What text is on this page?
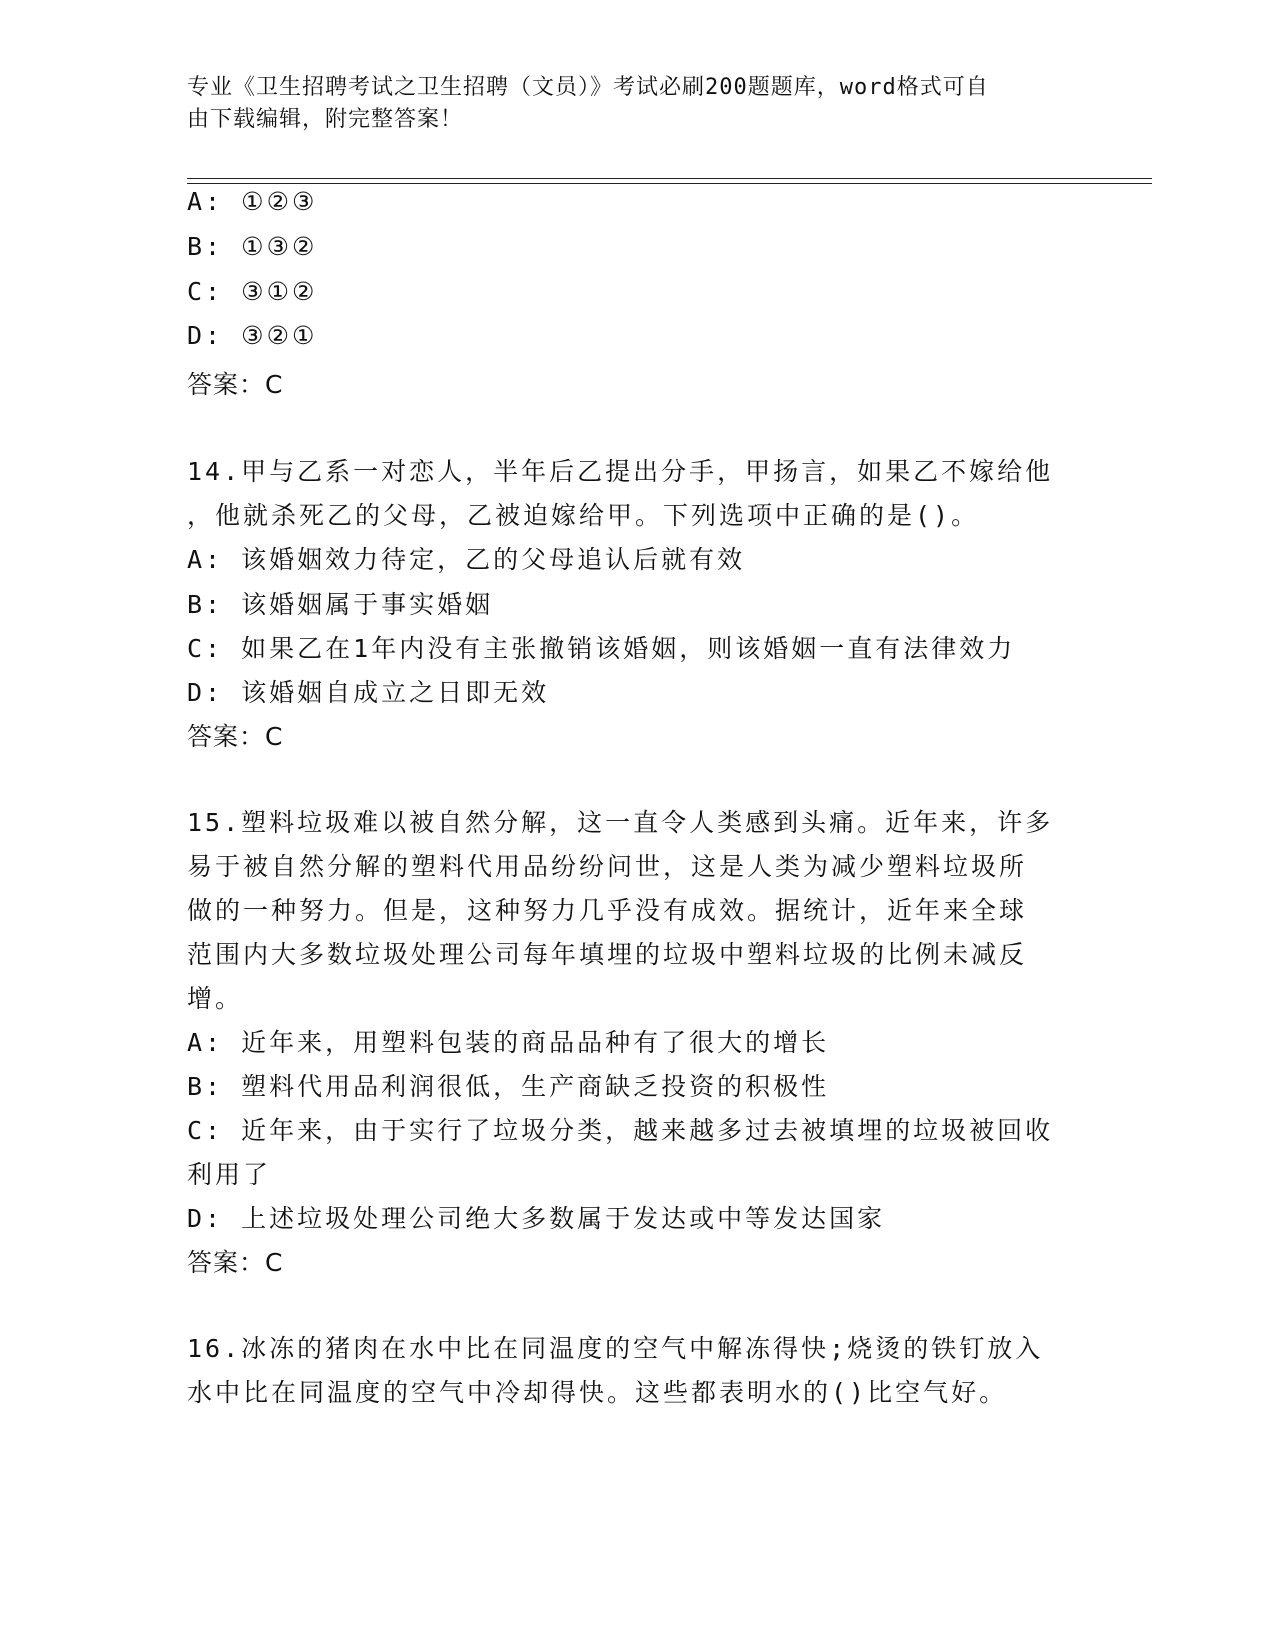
专业《卫生招聘考试之卫生招聘（文员）》考试必刷200题题库，word格式可自
由下载编辑，附完整答案！
A: ①②③
B: ①③②
C: ③①②
D: ③②①
答案：C
14.甲与乙系一对恋人，半年后乙提出分手，甲扬言，如果乙不嫁给他
，他就杀死乙的父母，乙被迫嫁给甲。下列选项中正确的是()。
A: 该婚姻效力待定，乙的父母追认后就有效
B: 该婚姻属于事实婚姻
C: 如果乙在1年内没有主张撤销该婚姻，则该婚姻一直有法律效力
D: 该婚姻自成立之日即无效
答案：C
15.塑料垃圾难以被自然分解，这一直令人类感到头痛。近年来，许多
易于被自然分解的塑料代用品纷纷问世，这是人类为减少塑料垃圾所
做的一种努力。但是，这种努力几乎没有成效。据统计，近年来全球
范围内大多数垃圾处理公司每年填埋的垃圾中塑料垃圾的比例未减反
增。
A: 近年来，用塑料包装的商品品种有了很大的增长
B: 塑料代用品利润很低，生产商缺乏投资的积极性
C: 近年来，由于实行了垃圾分类，越来越多过去被填埋的垃圾被回收
利用了
D: 上述垃圾处理公司绝大多数属于发达或中等发达国家
答案：C
16.冰冻的猪肉在水中比在同温度的空气中解冻得快;烧烫的铁钉放入
水中比在同温度的空气中冷却得快。这些都表明水的()比空气好。
